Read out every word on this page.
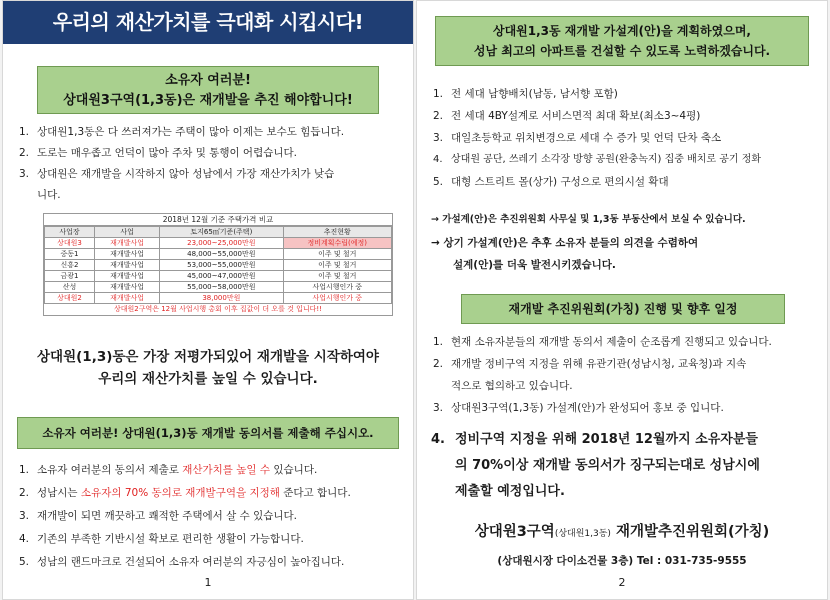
우리의 재산가치를 극대화 시킵시다!
소유자 여러분!
상대원3구역(1,3동)은 재개발을 추진 해야합니다!
1. 상대원1,3동은 다 쓰러져가는 주택이 많아 이제는 보수도 힘듭니다.
2. 도로는 매우좁고 언덕이 많아 주차 및 통행이 어렵습니다.
3. 상대원은 재개발을 시작하지 않아 성남에서 가장 재산가치가 낮습
니다.
2018년 12월 기준 주택가격 비교
사업장	사업	토지65㎡기준(주택)	추진현황
상대원3	재개발사업	23,000~25,000만원	정비계획수립(예정)
중동1	재개발사업	48,000~55,000만원	이주 및 철거
신흥2	재개발사업	53,000~55,000만원	이주 및 철거
금광1	재개발사업	45,000~47,000만원	이주 및 철거
산성	재개발사업	55,000~58,000만원	사업시행인가 중
상대원2	재개발사업	38,000만원	사업시행인가 중
상대원2구역은 12월 사업시행 총회 이후 집값이 더 오를 것 입니다!!
상대원(1,3)동은 가장 저평가되있어 재개발을 시작하여야
우리의 재산가치를 높일 수 있습니다.
소유자 여러분! 상대원(1,3)동 재개발 동의서를 제출해 주십시오.
1. 소유자 여러분의 동의서 제출로 재산가치를 높일 수 있습니다.
2. 성남시는 소유자의 70% 동의로 재개발구역을 지정해 준다고 합니다.
3. 재개발이 되면 깨끗하고 쾌적한 주택에서 살 수 있습니다.
4. 기존의 부족한 기반시설 확보로 편리한 생활이 가능합니다.
5. 성남의 랜드마크로 건설되어 소유자 여러분의 자긍심이 높아집니다.
1
상대원1,3동 재개발 가설계(안)을 계획하였으며,
성남 최고의 아파트를 건설할 수 있도록 노력하겠습니다.
1. 전 세대 남향배치(남동, 남서향 포함)
2. 전 세대 4BY설계로 서비스면적 최대 확보(최소3~4평)
3. 대일초등학교 위치변경으로 세대 수 증가 및 언덕 단차 축소
4. 상대원 공단, 쓰레기 소각장 방향 공원(완충녹지) 집중 배치로 공기 정화
5. 대형 스트리트 몰(상가) 구성으로 편의시설 확대
→ 가설계(안)은 추진위원회 사무실 및 1,3동 부동산에서 보실 수 있습니다.
→ 상기 가설계(안)은 추후 소유자 분들의 의견을 수렴하여
설계(안)를 더욱 발전시키겠습니다.
재개발 추진위원회(가칭) 진행 및 향후 일정
1. 현재 소유자분들의 재개발 동의서 제출이 순조롭게 진행되고 있습니다.
2. 재개발 정비구역 지정을 위해 유관기관(성남시청, 교육청)과 지속
적으로 협의하고 있습니다.
3. 상대원3구역(1,3동) 가설계(안)가 완성되어 홍보 중 입니다.
4. 정비구역 지정을 위해 2018년 12월까지 소유자분들
의 70%이상 재개발 동의서가 징구되는대로 성남시에
제출할 예정입니다.
상대원3구역(상대원1,3동) 재개발추진위원회(가칭)
(상대원시장 다이소건물 3층) Tel : 031-735-9555
2
